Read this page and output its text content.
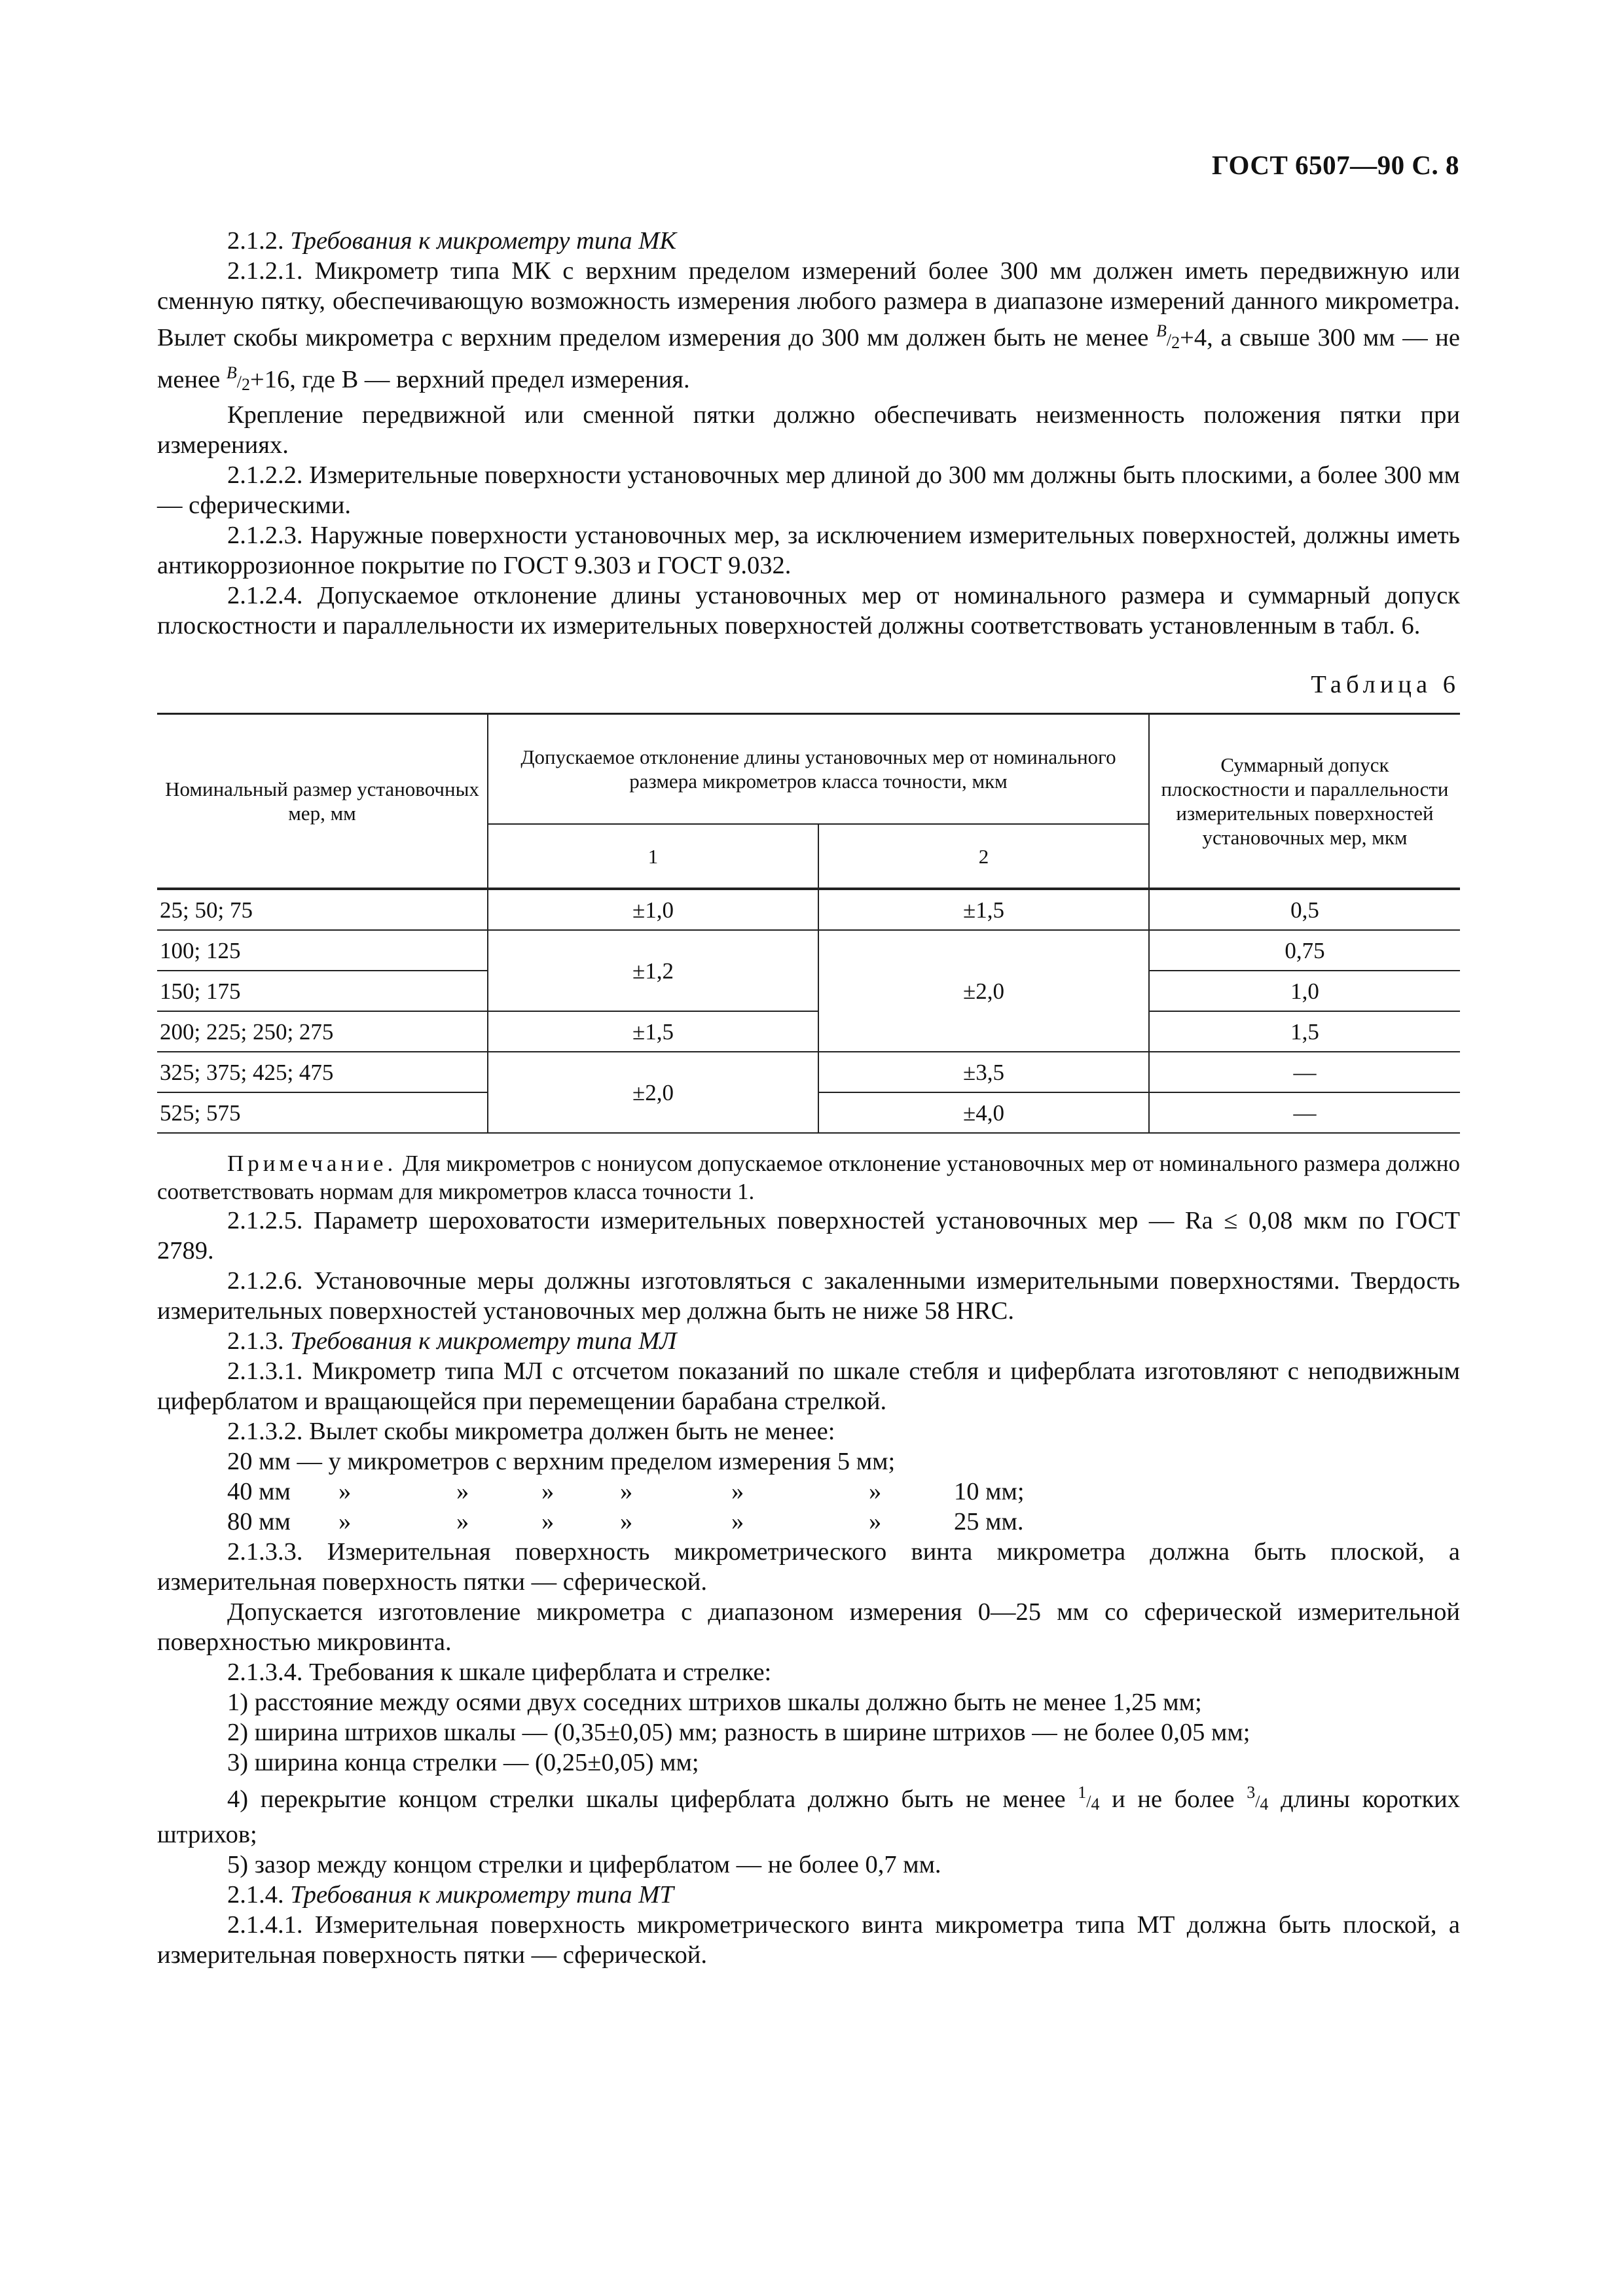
ГОСТ 6507—90 С. 8

2.1.2. Требования к микрометру типа МК

2.1.2.1. Микрометр типа МК с верхним пределом измерений более 300 мм должен иметь передвижную или сменную пятку, обеспечивающую возможность измерения любого размера в диапазоне измерений данного микрометра. Вылет скобы микрометра с верхним пределом измерения до 300 мм должен быть не менее B/2+4, а свыше 300 мм — не менее B/2+16, где В — верхний предел измерения.

Крепление передвижной или сменной пятки должно обеспечивать неизменность положения пятки при измерениях.

2.1.2.2. Измерительные поверхности установочных мер длиной до 300 мм должны быть плоскими, а более 300 мм — сферическими.

2.1.2.3. Наружные поверхности установочных мер, за исключением измерительных поверхностей, должны иметь антикоррозионное покрытие по ГОСТ 9.303 и ГОСТ 9.032.

2.1.2.4. Допускаемое отклонение длины установочных мер от номинального размера и суммарный допуск плоскостности и параллельности их измерительных поверхностей должны соответствовать установленным в табл. 6.

Таблица 6
Номинальный размер установочных мер, мм	Допускаемое отклонение длины установочных мер от номинального размера микрометров класса точности, мкм		Суммарный допуск плоскостности и параллельности измерительных поверхностей установочных мер, мкм
	1	2	
25; 50; 75	±1,0	±1,5	0,5
100; 125	±1,2	±2,0	0,75
150; 175			1,0
200; 225; 250; 275	±1,5		1,5
325; 375; 425; 475	±2,0	±3,5	—
525; 575		±4,0	—

Примечание. Для микрометров с нониусом допускаемое отклонение установочных мер от номинального размера должно соответствовать нормам для микрометров класса точности 1.

2.1.2.5. Параметр шероховатости измерительных поверхностей установочных мер — Ra ≤ 0,08 мкм по ГОСТ 2789.

2.1.2.6. Установочные меры должны изготовляться с закаленными измерительными поверхностями. Твердость измерительных поверхностей установочных мер должна быть не ниже 58 HRC.

2.1.3. Требования к микрометру типа МЛ

2.1.3.1. Микрометр типа МЛ с отсчетом показаний по шкале стебля и циферблата изготовляют с неподвижным циферблатом и вращающейся при перемещении барабана стрелкой.

2.1.3.2. Вылет скобы микрометра должен быть не менее:

20 мм — у микрометров с верхним пределом измерения 5 мм;

40 мм	»	»	»	»	»	»	10 мм;
80 мм	»	»	»	»	»	»	25 мм.

2.1.3.3. Измерительная поверхность микрометрического винта микрометра должна быть плоской, а измерительная поверхность пятки — сферической.

Допускается изготовление микрометра с диапазоном измерения 0—25 мм со сферической измерительной поверхностью микровинта.

2.1.3.4. Требования к шкале циферблата и стрелке:

1) расстояние между осями двух соседних штрихов шкалы должно быть не менее 1,25 мм;

2) ширина штрихов шкалы — (0,35±0,05) мм; разность в ширине штрихов — не более 0,05 мм;

3) ширина конца стрелки — (0,25±0,05) мм;

4) перекрытие концом стрелки шкалы циферблата должно быть не менее 1/4 и не более 3/4 длины коротких штрихов;

5) зазор между концом стрелки и циферблатом — не более 0,7 мм.

2.1.4. Требования к микрометру типа МТ

2.1.4.1. Измерительная поверхность микрометрического винта микрометра типа МТ должна быть плоской, а измерительная поверхность пятки — сферической.
